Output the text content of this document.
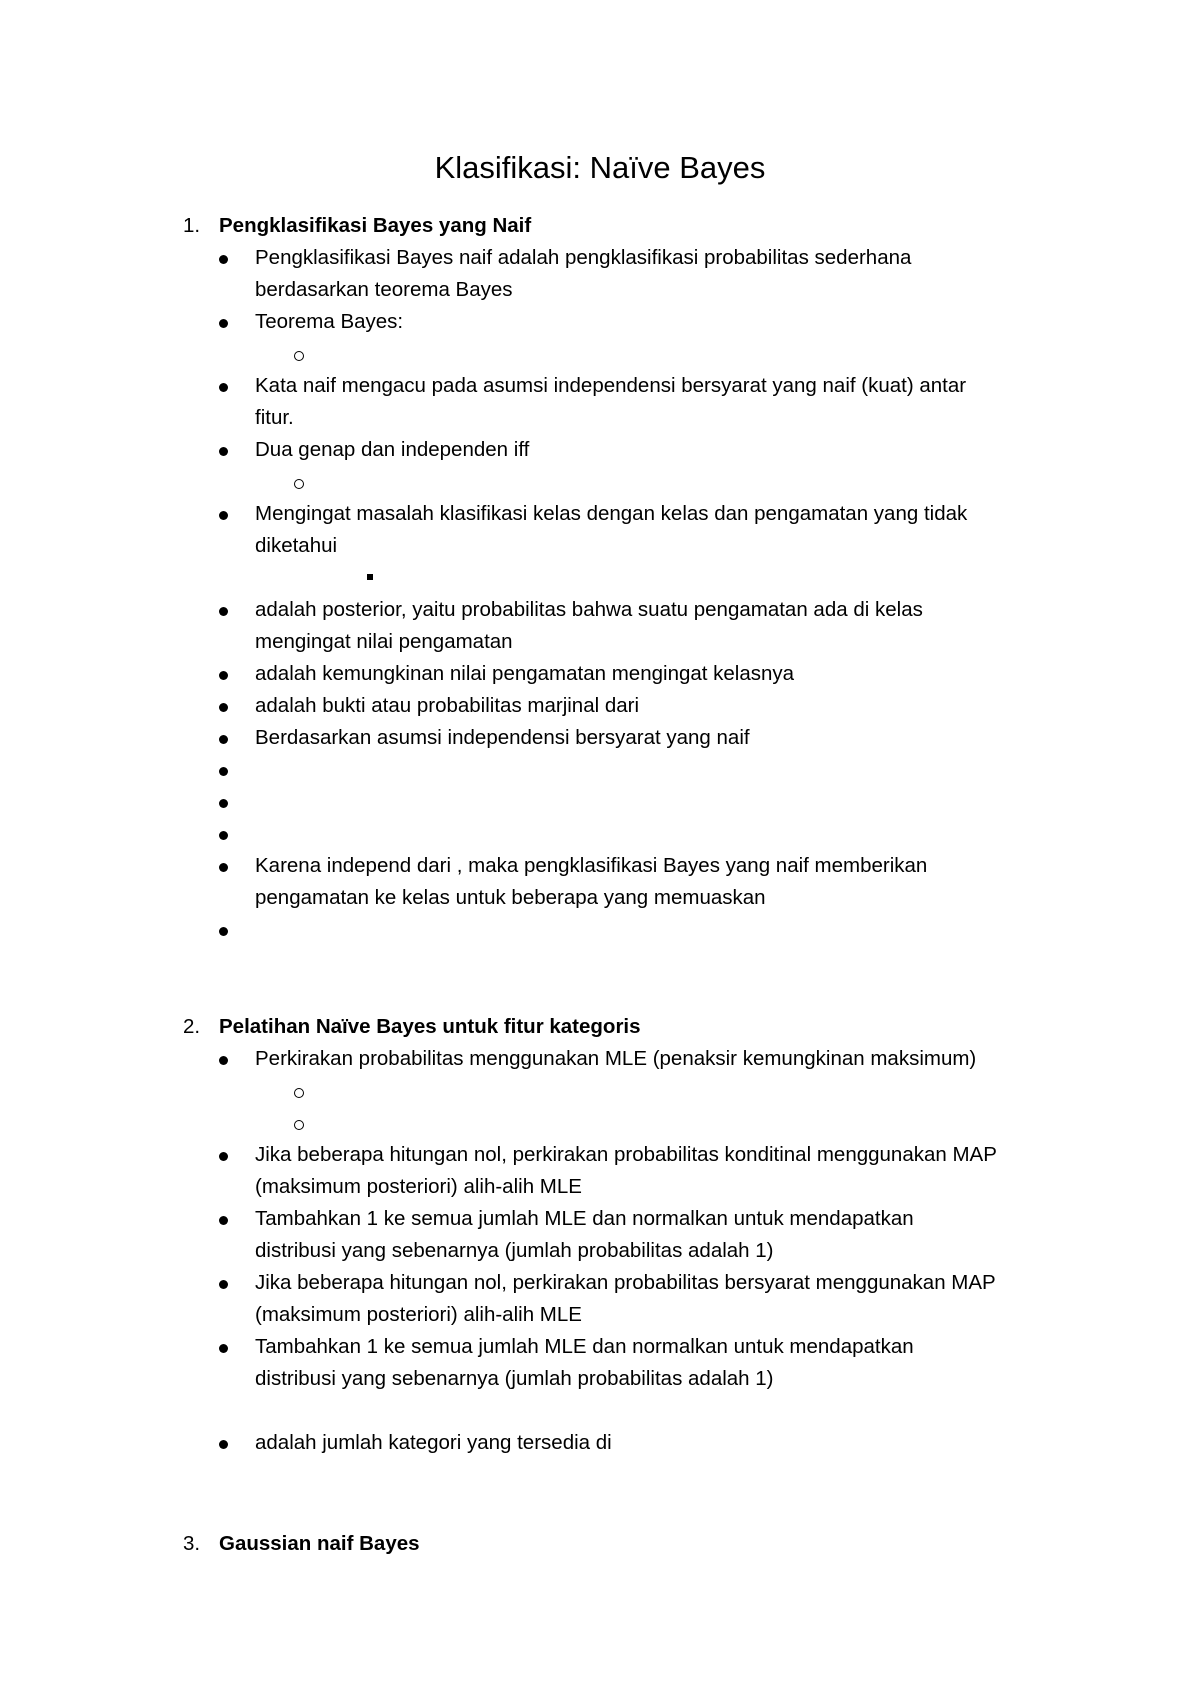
Klasifikasi: Naïve Bayes
1. Pengklasifikasi Bayes yang Naif
Pengklasifikasi Bayes naif adalah pengklasifikasi probabilitas sederhana
berdasarkan teorema Bayes
Teorema Bayes:
Kata naif mengacu pada asumsi independensi bersyarat yang naif (kuat) antar
fitur.
Dua genap dan independen iff
Mengingat masalah klasifikasi kelas dengan kelas dan pengamatan yang tidak
diketahui
adalah posterior, yaitu probabilitas bahwa suatu pengamatan ada di kelas
mengingat nilai pengamatan
adalah kemungkinan nilai pengamatan mengingat kelasnya
adalah bukti atau probabilitas marjinal dari
Berdasarkan asumsi independensi bersyarat yang naif
Karena independ dari , maka pengklasifikasi Bayes yang naif memberikan
pengamatan ke kelas untuk beberapa yang memuaskan
2. Pelatihan Naïve Bayes untuk fitur kategoris
Perkirakan probabilitas menggunakan MLE (penaksir kemungkinan maksimum)
Jika beberapa hitungan nol, perkirakan probabilitas konditinal menggunakan MAP
(maksimum posteriori) alih-alih MLE
Tambahkan 1 ke semua jumlah MLE dan normalkan untuk mendapatkan
distribusi yang sebenarnya (jumlah probabilitas adalah 1)
Jika beberapa hitungan nol, perkirakan probabilitas bersyarat menggunakan MAP
(maksimum posteriori) alih-alih MLE
Tambahkan 1 ke semua jumlah MLE dan normalkan untuk mendapatkan
distribusi yang sebenarnya (jumlah probabilitas adalah 1)
adalah jumlah kategori yang tersedia di
3. Gaussian naif Bayes
